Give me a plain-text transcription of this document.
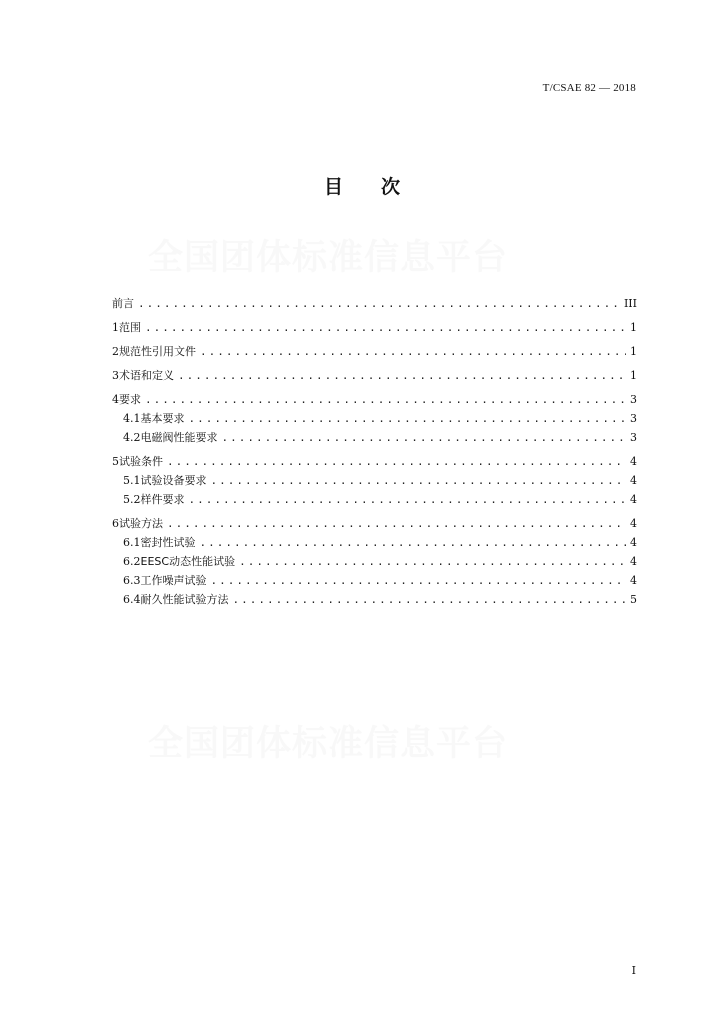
T/CSAE 82 — 2018
目 次
全国团体标准信息平台
全国团体标准信息平台
前言 .....	III
1 范围 .....	1
2 规范性引用文件 .....	1
3 术语和定义 .....	1
4 要求 .....	3
4.1 基本要求 .....	3
4.2 电磁阀性能要求 .....	3
5 试验条件 .....	4
5.1 试验设备要求 .....	4
5.2 样件要求 .....	4
6 试验方法 .....	4
6.1 密封性试验 .....	4
6.2 EESC动态性能试验 .....	4
6.3 工作噪声试验 .....	4
6.4 耐久性能试验方法 .....	5
I
